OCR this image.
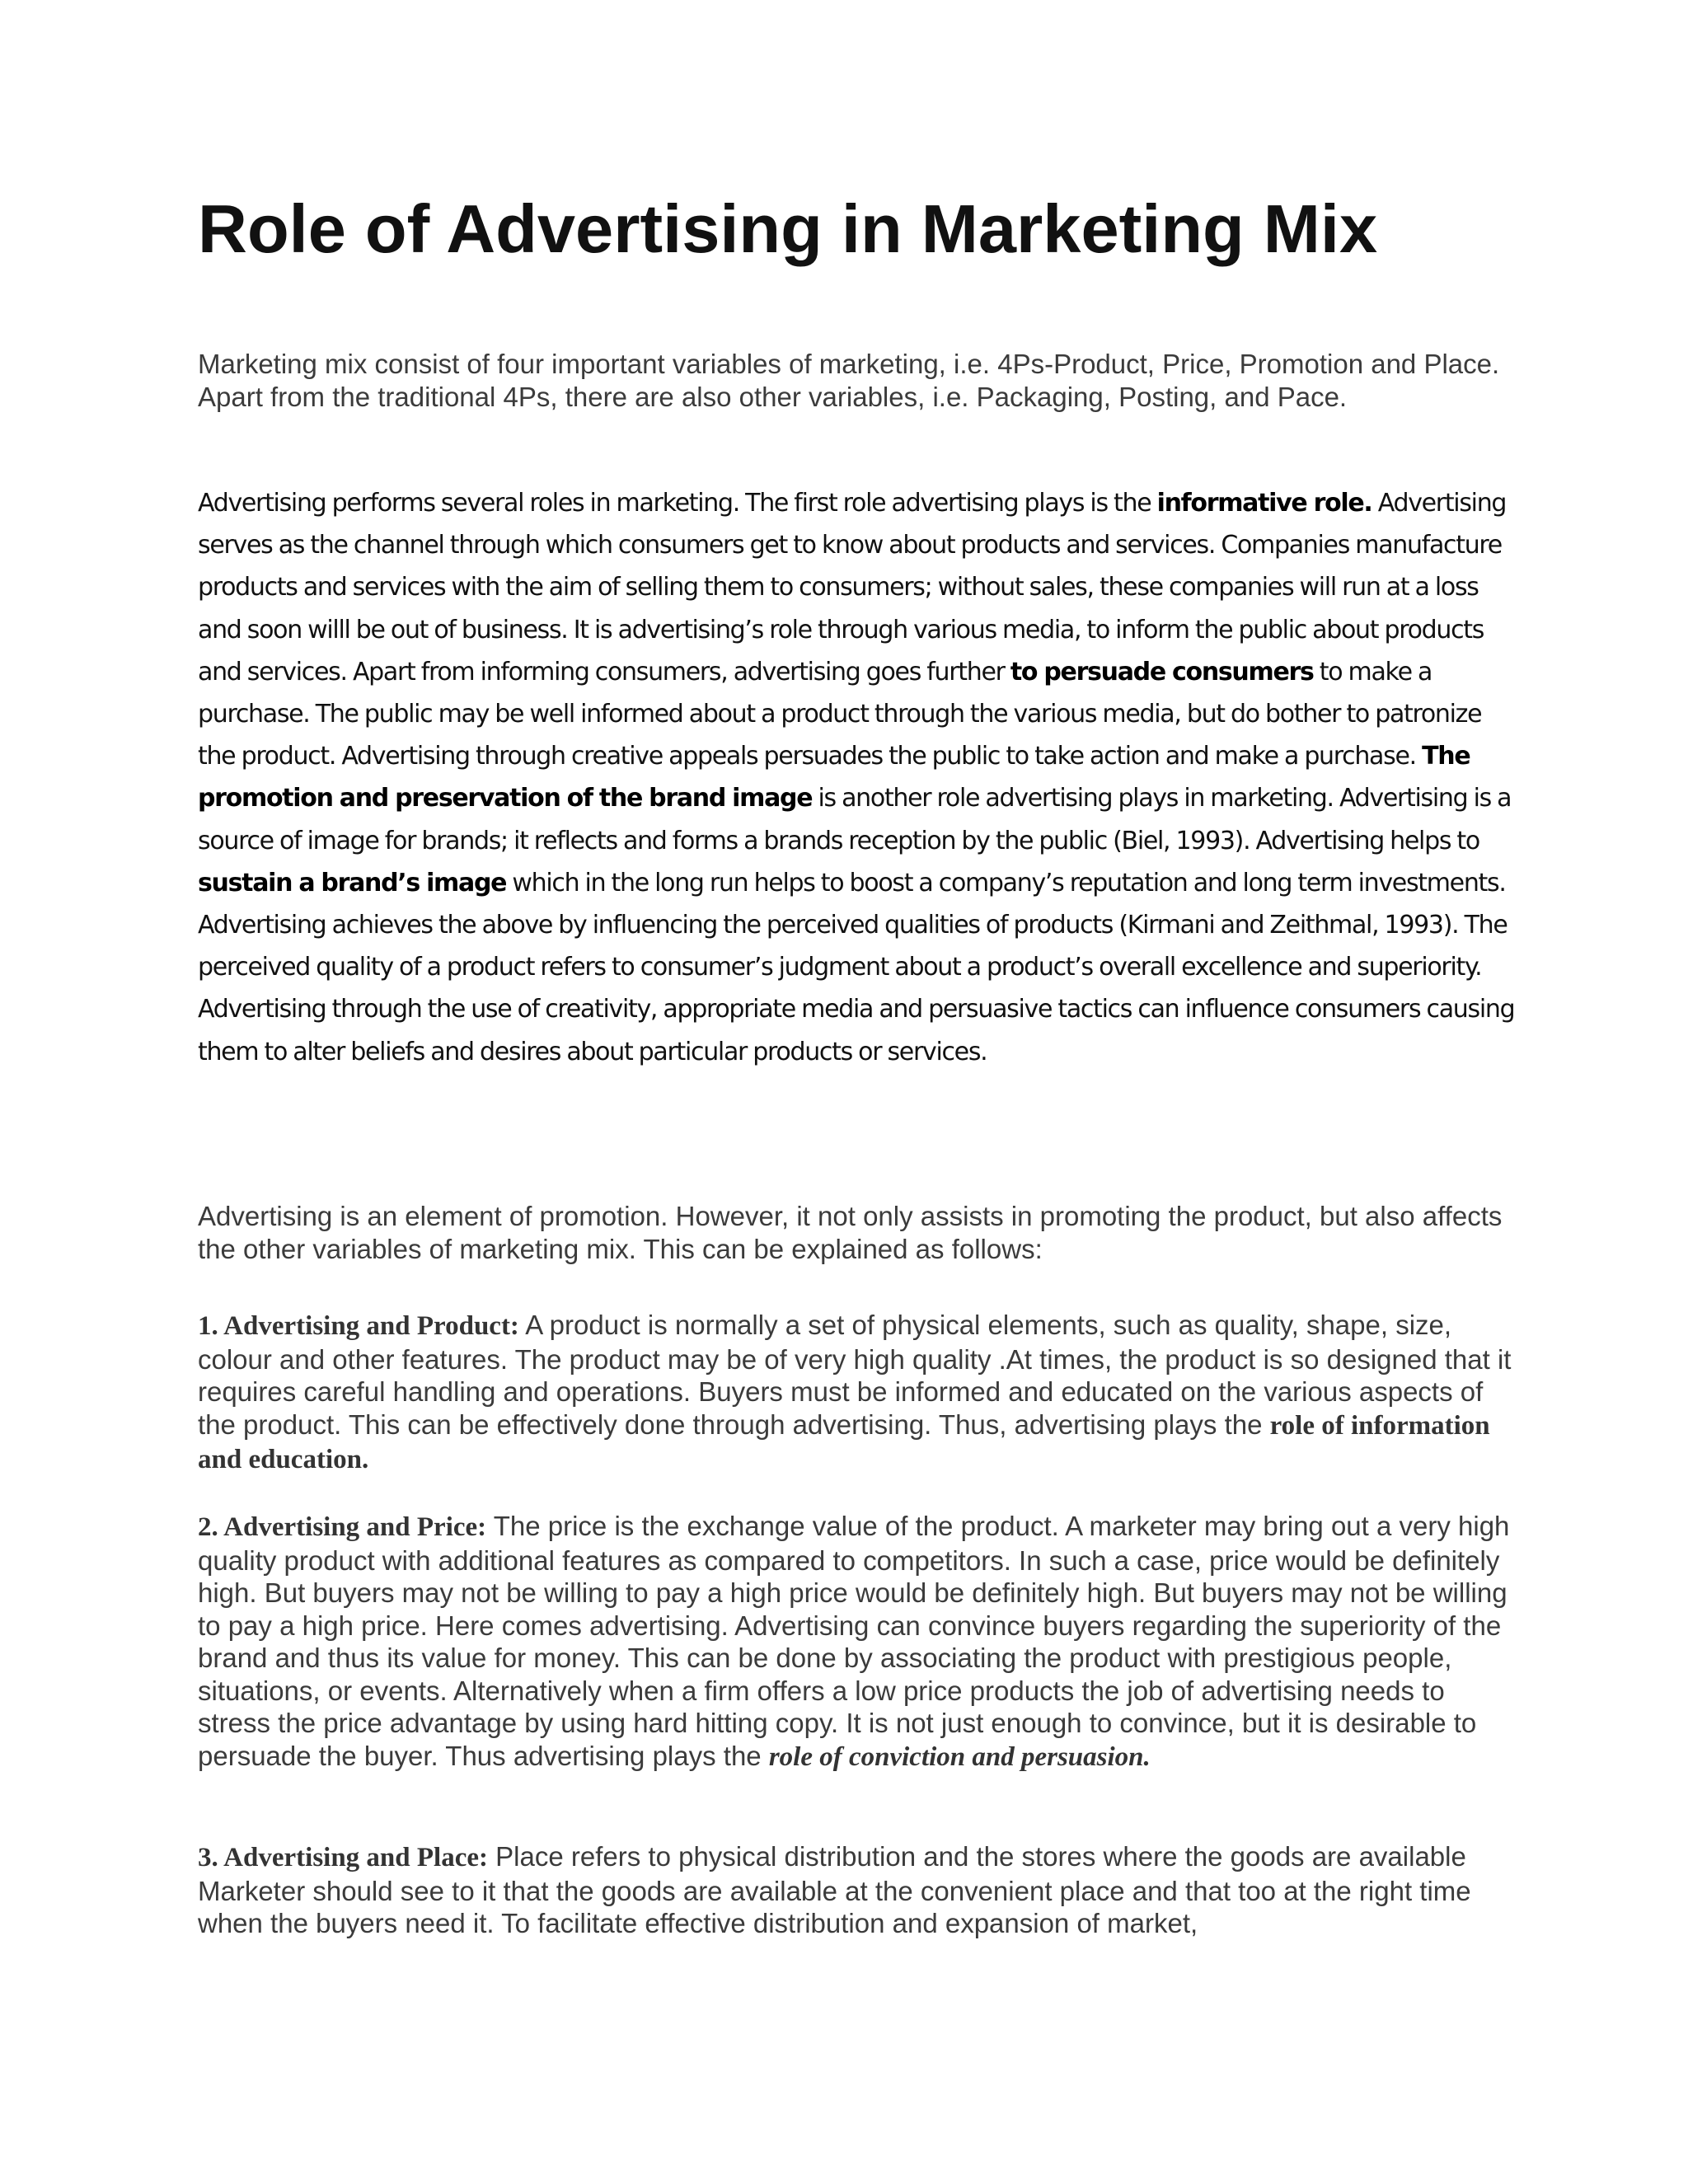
Role of Advertising in Marketing Mix

Marketing mix consist of four important variables of marketing, i.e. 4Ps-Product, Price, Promotion and Place. Apart from the traditional 4Ps, there are also other variables, i.e. Packaging, Posting, and Pace.

Advertising performs several roles in marketing. The first role advertising plays is the informative role. Advertising serves as the channel through which consumers get to know about products and services. Companies manufacture products and services with the aim of selling them to consumers; without sales, these companies will run at a loss and soon willl be out of business. It is advertising’s role through various media, to inform the public about products and services. Apart from informing consumers, advertising goes further to persuade consumers to make a purchase. The public may be well informed about a product through the various media, but do bother to patronize the product. Advertising through creative appeals persuades the public to take action and make a purchase. The promotion and preservation of the brand image is another role advertising plays in marketing. Advertising is a source of image for brands; it reflects and forms a brands reception by the public (Biel, 1993). Advertising helps to sustain a brand’s image which in the long run helps to boost a company’s reputation and long term investments. Advertising achieves the above by influencing the perceived qualities of products (Kirmani and Zeithmal, 1993). The perceived quality of a product refers to consumer’s judgment about a product’s overall excellence and superiority. Advertising through the use of creativity, appropriate media and persuasive tactics can influence consumers causing them to alter beliefs and desires about particular products or services.

Advertising is an element of promotion. However, it not only assists in promoting the product, but also affects the other variables of marketing mix. This can be explained as follows:

1. Advertising and Product: A product is normally a set of physical elements, such as quality, shape, size, colour and other features. The product may be of very high quality .At times, the product is so designed that it requires careful handling and operations. Buyers must be informed and educated on the various aspects of the product. This can be effectively done through advertising. Thus, advertising plays the role of information and education.

2. Advertising and Price: The price is the exchange value of the product. A marketer may bring out a very high quality product with additional features as compared to competitors. In such a case, price would be definitely high. But buyers may not be willing to pay a high price would be definitely high. But buyers may not be willing to pay a high price. Here comes advertising. Advertising can convince buyers regarding the superiority of the brand and thus its value for money. This can be done by associating the product with prestigious people, situations, or events. Alternatively when a firm offers a low price products the job of advertising needs to stress the price advantage by using hard hitting copy. It is not just enough to convince, but it is desirable to persuade the buyer. Thus advertising plays the role of conviction and persuasion.

3. Advertising and Place: Place refers to physical distribution and the stores where the goods are available Marketer should see to it that the goods are available at the convenient place and that too at the right time when the buyers need it. To facilitate effective distribution and expansion of market,
